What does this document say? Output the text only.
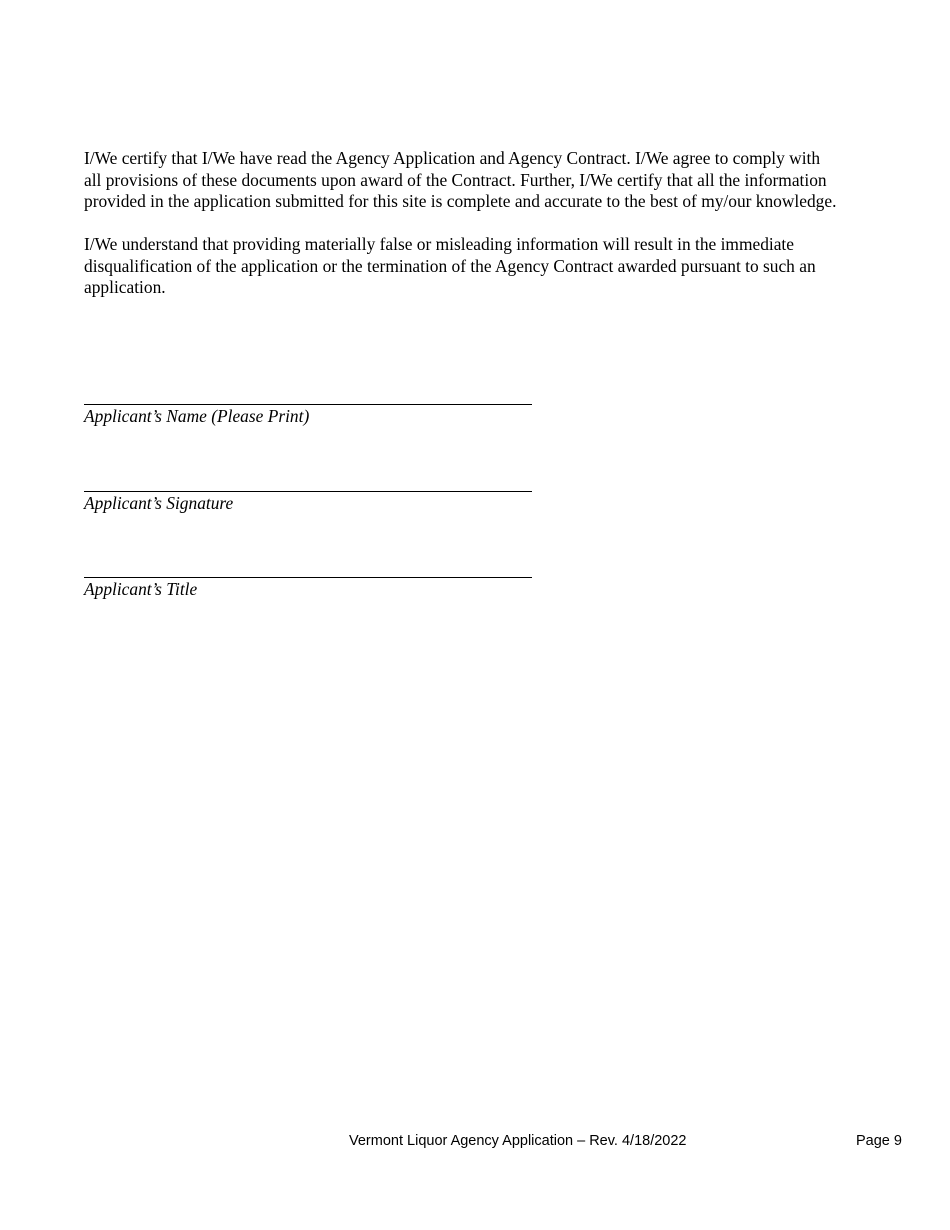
I/We certify that I/We have read the Agency Application and Agency Contract. I/We agree to comply with
all provisions of these documents upon award of the Contract. Further, I/We certify that all the information
provided in the application submitted for this site is complete and accurate to the best of my/our knowledge.

I/We understand that providing materially false or misleading information will result in the immediate
disqualification of the application or the termination of the Agency Contract awarded pursuant to such an
application.

Applicant’s Name (Please Print)
Applicant’s Signature
Applicant’s Title
Vermont Liquor Agency Application – Rev. 4/18/2022	Page 9
